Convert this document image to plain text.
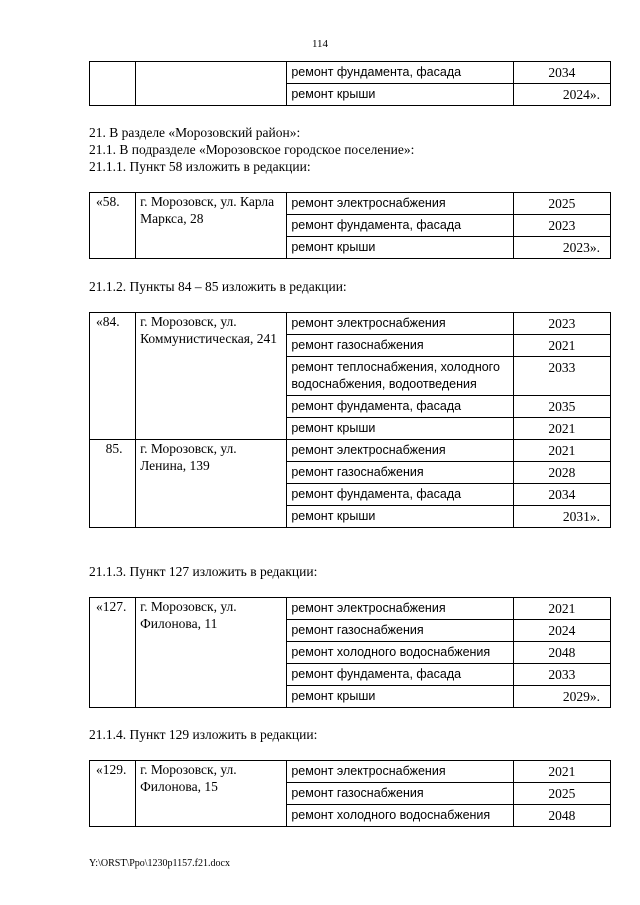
114
		ремонт фундамента, фасада	2034
		ремонт крыши	2024».

21. В разделе «Морозовский район»:

21.1. В подразделе «Морозовское городское поселение»:

21.1.1. Пункт 58 изложить в редакции:

«58.	г. Морозовск, ул. Карла Маркса, 28	ремонт электроснабжения	2025
		ремонт фундамента, фасада	2023
		ремонт крыши	2023».

21.1.2. Пункты 84 – 85 изложить в редакции:

«84.	г. Морозовск, ул. Коммунистическая, 241	ремонт электроснабжения	2023
		ремонт газоснабжения	2021
		ремонт теплоснабжения, холодного водоснабжения, водоотведения	2033
		ремонт фундамента, фасада	2035
		ремонт крыши	2021
85.	г. Морозовск, ул. Ленина, 139	ремонт электроснабжения	2021
		ремонт газоснабжения	2028
		ремонт фундамента, фасада	2034
		ремонт крыши	2031».

21.1.3. Пункт 127 изложить в редакции:

«127.	г. Морозовск, ул. Филонова, 11	ремонт электроснабжения	2021
		ремонт газоснабжения	2024
		ремонт холодного водоснабжения	2048
		ремонт фундамента, фасада	2033
		ремонт крыши	2029».

21.1.4. Пункт 129 изложить в редакции:

«129.	г. Морозовск, ул. Филонова, 15	ремонт электроснабжения	2021
		ремонт газоснабжения	2025
		ремонт холодного водоснабжения	2048
Y:\ORST\Ppo\1230p1157.f21.docx
